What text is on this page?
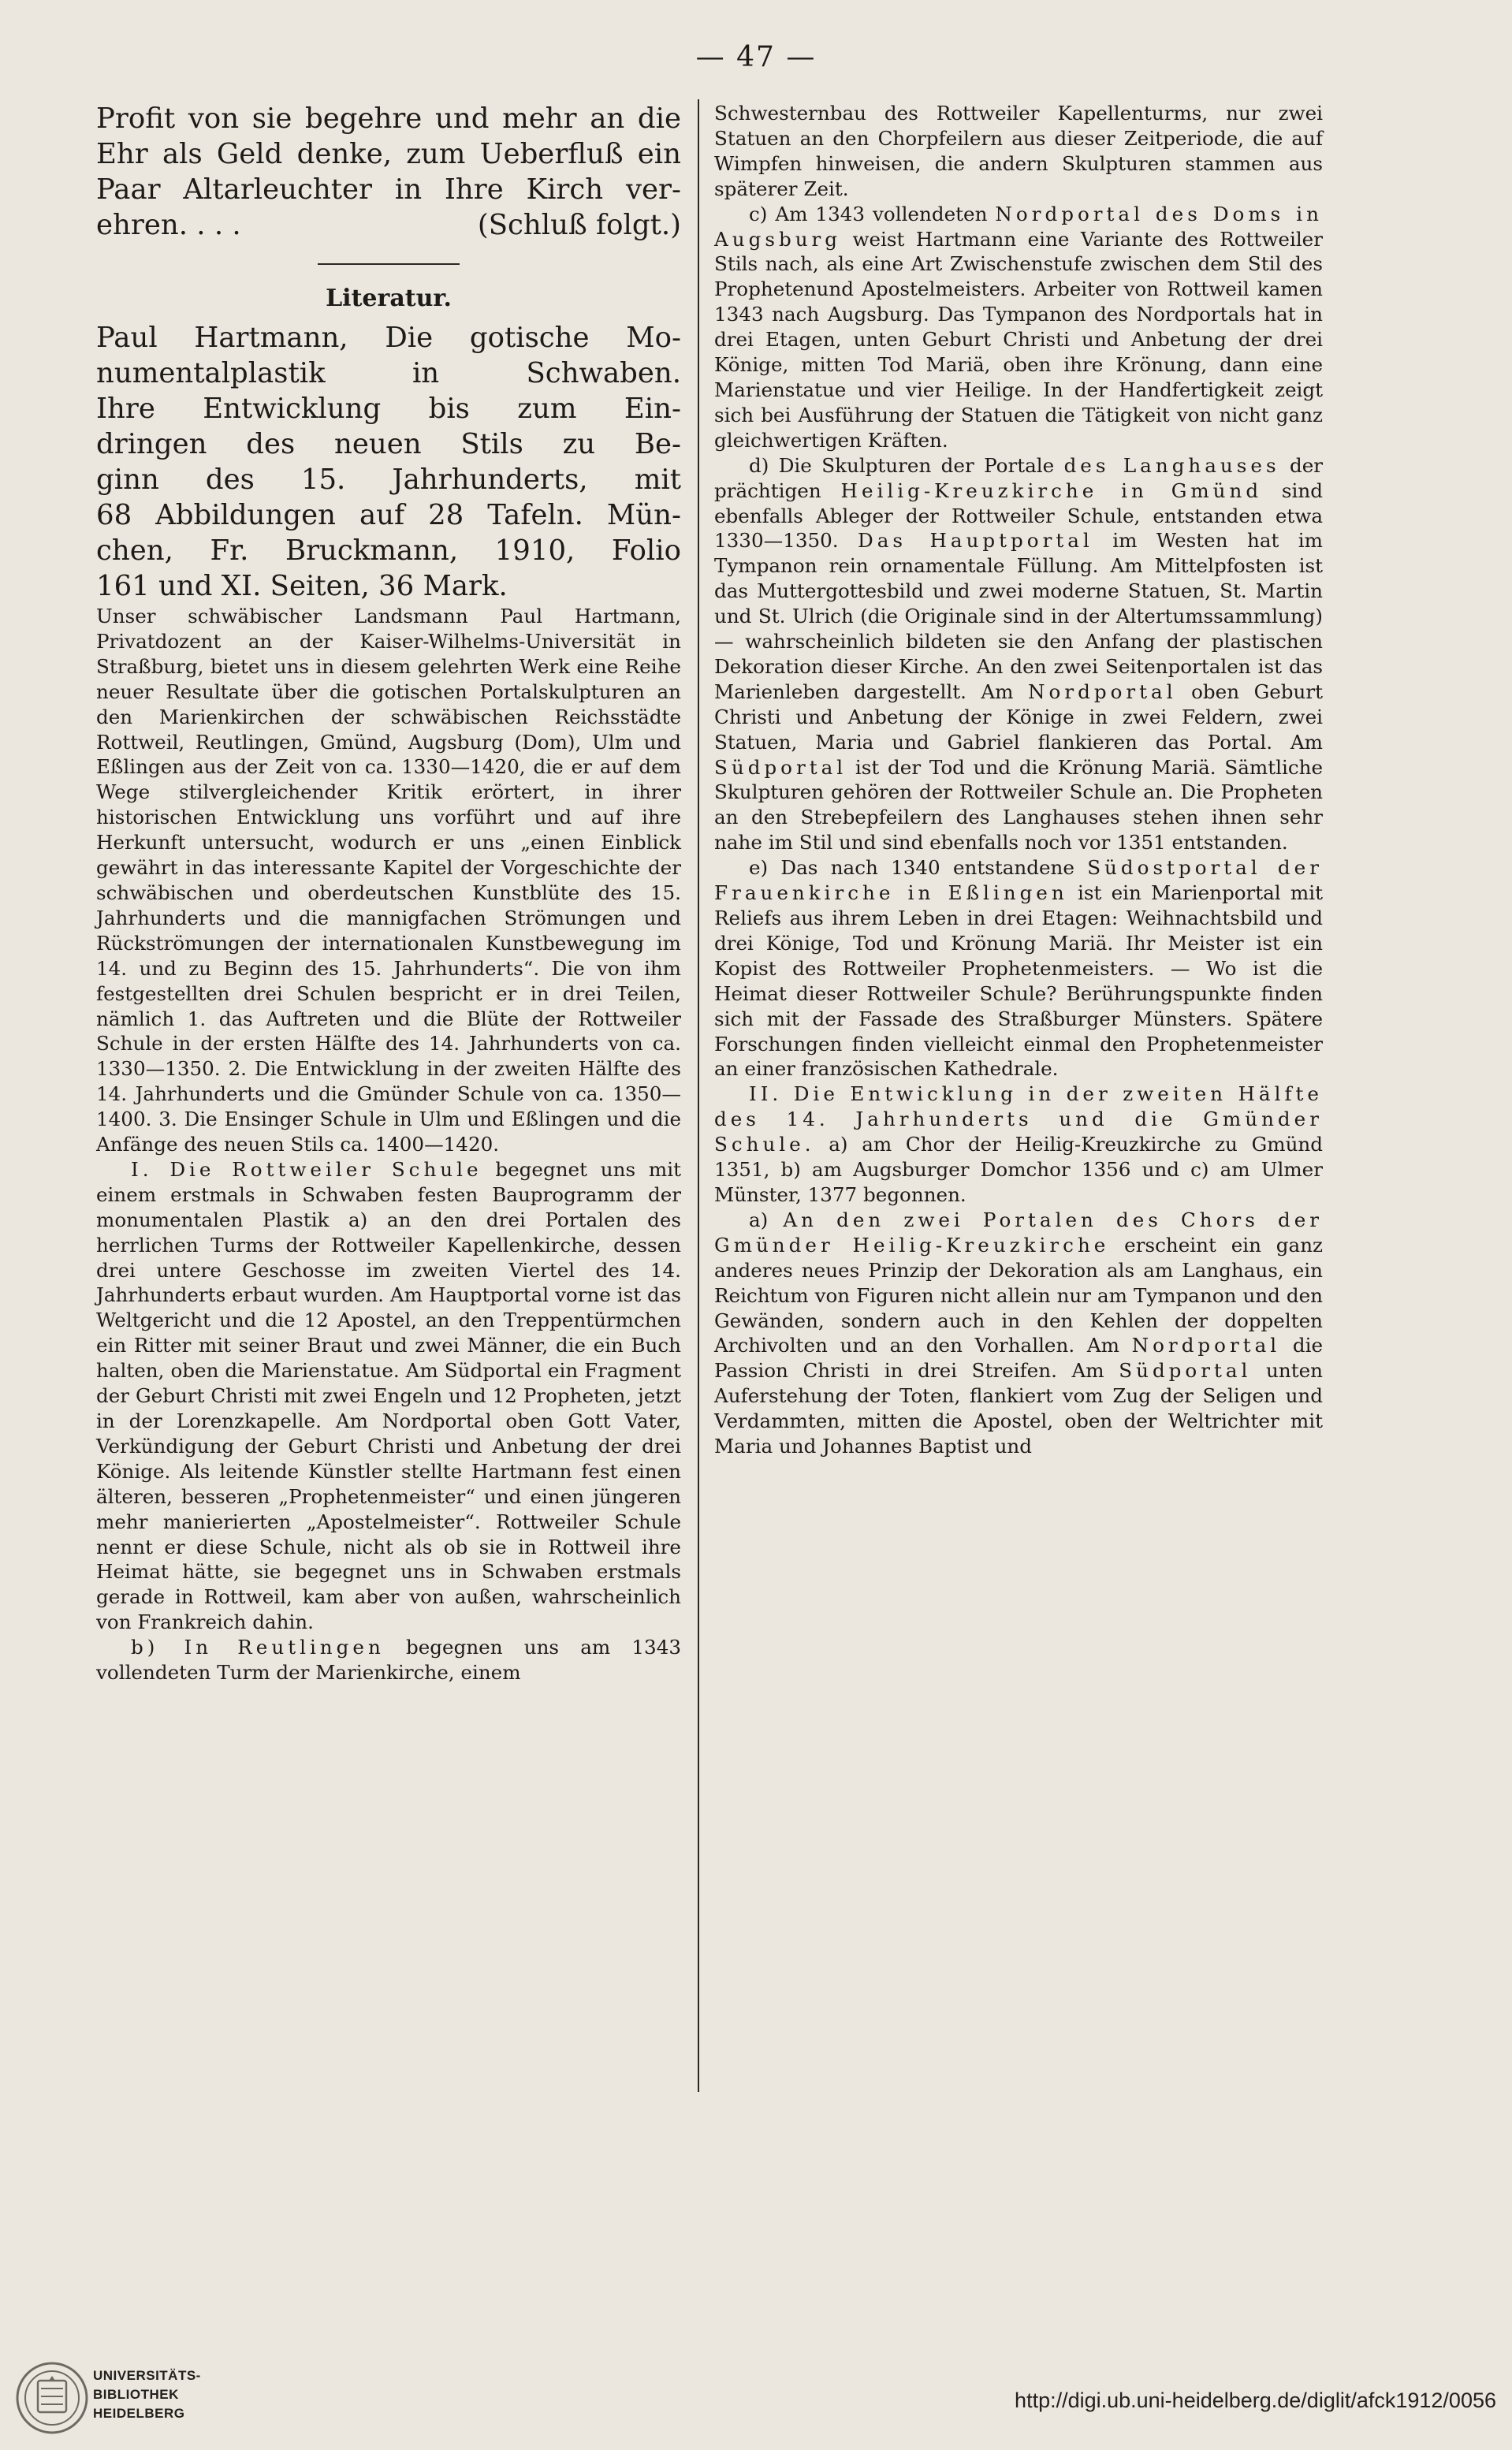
— 47 —
Profit von sie begehre und mehr an die
Ehr als Geld denke, zum Ueberfluß ein
Paar Altarleuchter in Ihre Kirch ver-
ehren. . . .	(Schluß folgt.)
Literatur.
Paul Hartmann, Die gotische Mo-
numentalplastik in Schwaben.
Ihre Entwicklung bis zum Ein-
dringen des neuen Stils zu Be-
ginn des 15. Jahrhunderts, mit
68 Abbildungen auf 28 Tafeln. Mün-
chen, Fr. Bruckmann, 1910, Folio
161 und XI. Seiten, 36 Mark.

Unser schwäbischer Landsmann Paul Hartmann, Privatdozent an der Kaiser-Wilhelms-Universität in Straßburg, bietet uns in diesem gelehrten Werk eine Reihe neuer Resultate über die gotischen Portalskulpturen an den Marienkirchen der schwäbischen Reichsstädte Rottweil, Reutlingen, Gmünd, Augsburg (Dom), Ulm und Eßlingen aus der Zeit von ca. 1330—1420, die er auf dem Wege stilvergleichender Kritik erörtert, in ihrer historischen Entwicklung uns vorführt und auf ihre Herkunft untersucht, wodurch er uns „einen Einblick gewährt in das interessante Kapitel der Vorgeschichte der schwäbischen und oberdeutschen Kunstblüte des 15. Jahrhunderts und die mannigfachen Strömungen und Rückströmungen der internationalen Kunstbewegung im 14. und zu Beginn des 15. Jahrhunderts“. Die von ihm festgestellten drei Schulen bespricht er in drei Teilen, nämlich 1. das Auftreten und die Blüte der Rottweiler Schule in der ersten Hälfte des 14. Jahrhunderts von ca. 1330—1350. 2. Die Entwicklung in der zweiten Hälfte des 14. Jahrhunderts und die Gmünder Schule von ca. 1350—1400. 3. Die Ensinger Schule in Ulm und Eßlingen und die Anfänge des neuen Stils ca. 1400—1420.

I. Die Rottweiler Schule begegnet uns mit einem erstmals in Schwaben festen Bauprogramm der monumentalen Plastik a) an den drei Portalen des herrlichen Turms der Rottweiler Kapellenkirche, dessen drei untere Geschosse im zweiten Viertel des 14. Jahrhunderts erbaut wurden. Am Hauptportal vorne ist das Weltgericht und die 12 Apostel, an den Treppentürmchen ein Ritter mit seiner Braut und zwei Männer, die ein Buch halten, oben die Marienstatue. Am Südportal ein Fragment der Geburt Christi mit zwei Engeln und 12 Propheten, jetzt in der Lorenzkapelle. Am Nordportal oben Gott Vater, Verkündigung der Geburt Christi und Anbetung der drei Könige. Als leitende Künstler stellte Hartmann fest einen älteren, besseren „Prophetenmeister“ und einen jüngeren mehr manierierten „Apostelmeister“. Rottweiler Schule nennt er diese Schule, nicht als ob sie in Rottweil ihre Heimat hätte, sie begegnet uns in Schwaben erstmals gerade in Rottweil, kam aber von außen, wahrscheinlich von Frankreich dahin.

b) In Reutlingen begegnen uns am 1343 vollendeten Turm der Marienkirche, einem

Schwesternbau des Rottweiler Kapellenturms, nur zwei Statuen an den Chorpfeilern aus dieser Zeitperiode, die auf Wimpfen hinweisen, die andern Skulpturen stammen aus späterer Zeit.

c) Am 1343 vollendeten Nordportal des Doms in Augsburg weist Hartmann eine Variante des Rottweiler Stils nach, als eine Art Zwischenstufe zwischen dem Stil des Prophetenund Apostelmeisters. Arbeiter von Rottweil kamen 1343 nach Augsburg. Das Tympanon des Nordportals hat in drei Etagen, unten Geburt Christi und Anbetung der drei Könige, mitten Tod Mariä, oben ihre Krönung, dann eine Marienstatue und vier Heilige. In der Handfertigkeit zeigt sich bei Ausführung der Statuen die Tätigkeit von nicht ganz gleichwertigen Kräften.

d) Die Skulpturen der Portale des Langhauses der prächtigen Heilig-Kreuzkirche in Gmünd sind ebenfalls Ableger der Rottweiler Schule, entstanden etwa 1330—1350. Das Hauptportal im Westen hat im Tympanon rein ornamentale Füllung. Am Mittelpfosten ist das Muttergottesbild und zwei moderne Statuen, St. Martin und St. Ulrich (die Originale sind in der Altertumssammlung) — wahrscheinlich bildeten sie den Anfang der plastischen Dekoration dieser Kirche. An den zwei Seitenportalen ist das Marienleben dargestellt. Am Nordportal oben Geburt Christi und Anbetung der Könige in zwei Feldern, zwei Statuen, Maria und Gabriel flankieren das Portal. Am Südportal ist der Tod und die Krönung Mariä. Sämtliche Skulpturen gehören der Rottweiler Schule an. Die Propheten an den Strebepfeilern des Langhauses stehen ihnen sehr nahe im Stil und sind ebenfalls noch vor 1351 entstanden.

e) Das nach 1340 entstandene Südostportal der Frauenkirche in Eßlingen ist ein Marienportal mit Reliefs aus ihrem Leben in drei Etagen: Weihnachtsbild und drei Könige, Tod und Krönung Mariä. Ihr Meister ist ein Kopist des Rottweiler Prophetenmeisters. — Wo ist die Heimat dieser Rottweiler Schule? Berührungspunkte finden sich mit der Fassade des Straßburger Münsters. Spätere Forschungen finden vielleicht einmal den Prophetenmeister an einer französischen Kathedrale.

II. Die Entwicklung in der zweiten Hälfte des 14. Jahrhunderts und die Gmünder Schule. a) am Chor der Heilig-Kreuzkirche zu Gmünd 1351, b) am Augsburger Domchor 1356 und c) am Ulmer Münster, 1377 begonnen.

a) An den zwei Portalen des Chors der Gmünder Heilig-Kreuzkirche erscheint ein ganz anderes neues Prinzip der Dekoration als am Langhaus, ein Reichtum von Figuren nicht allein nur am Tympanon und den Gewänden, sondern auch in den Kehlen der doppelten Archivolten und an den Vorhallen. Am Nordportal die Passion Christi in drei Streifen. Am Südportal unten Auferstehung der Toten, flankiert vom Zug der Seligen und Verdammten, mitten die Apostel, oben der Weltrichter mit Maria und Johannes Baptist und

UNIVERSITÄTS-
BIBLIOTHEK
HEIDELBERG
http://digi.ub.uni-heidelberg.de/diglit/afck1912/0056
